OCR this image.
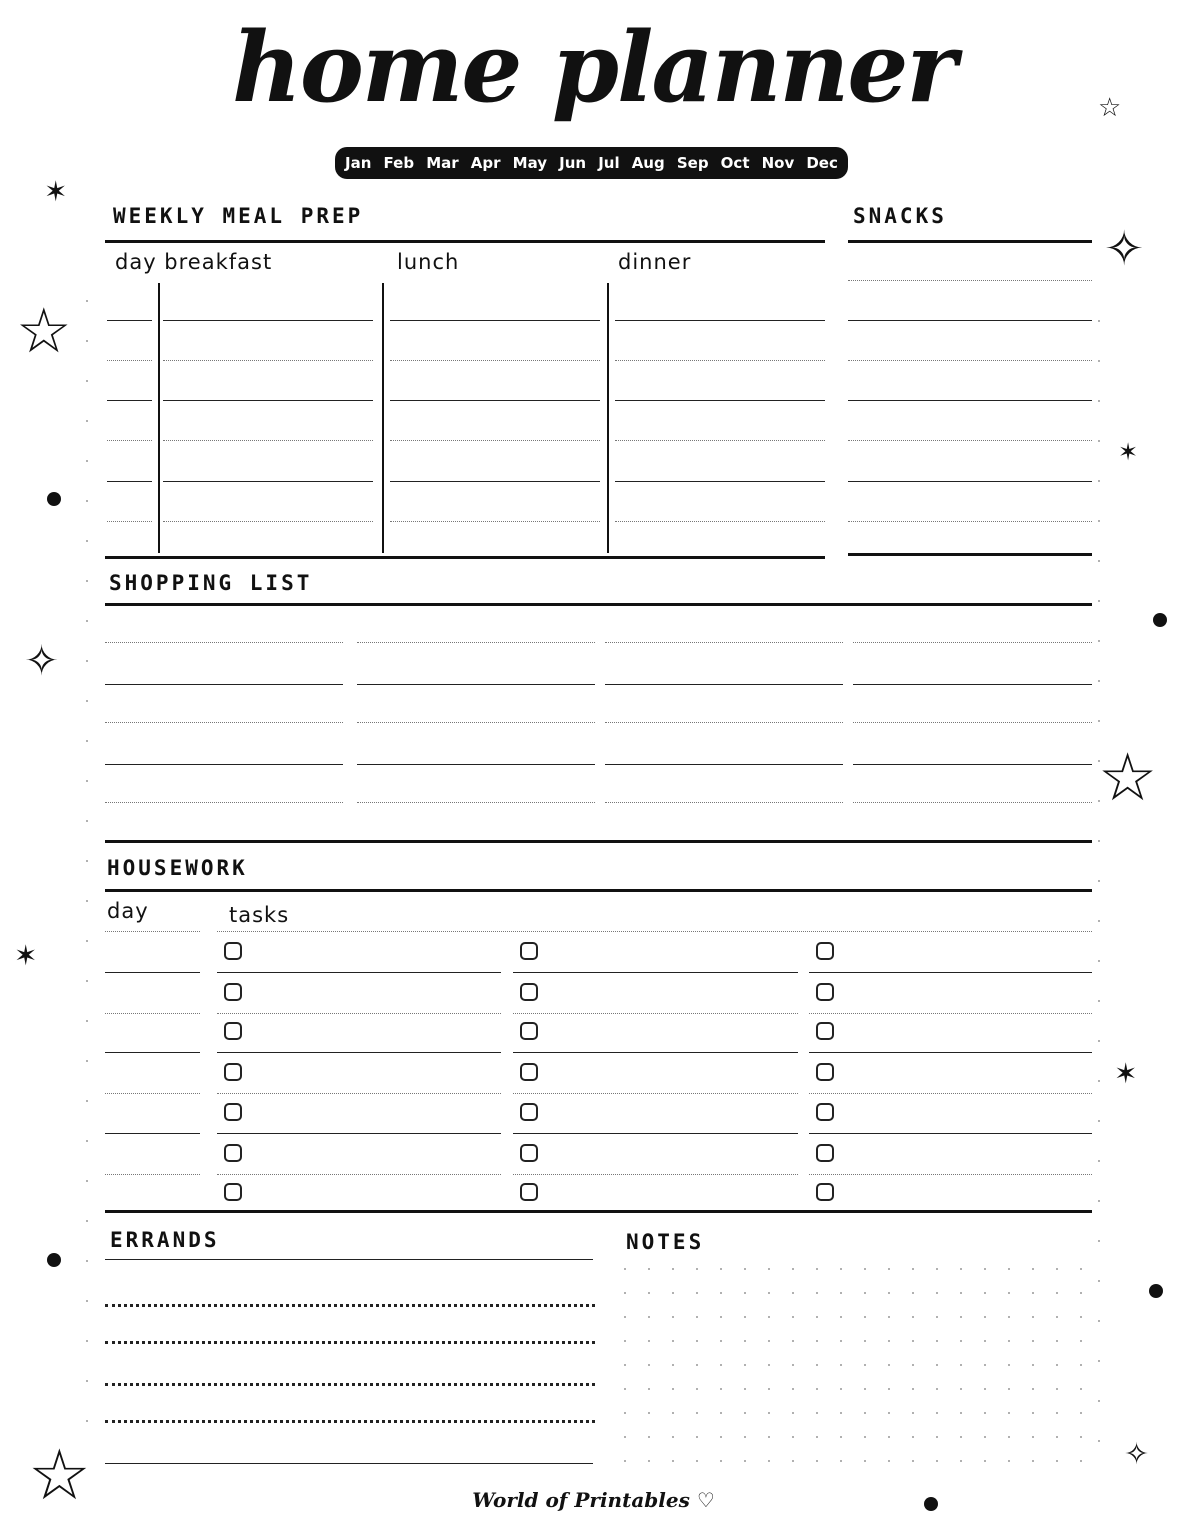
home planner
Jan Feb Mar Apr May Jun Jul Aug Sep Oct Nov Dec
WEEKLY MEAL PREP	SNACKS
day breakfast	lunch	dinner
SHOPPING LIST
HOUSEWORK
day	tasks
ERRANDS	NOTES
World of Printables ♡
☆
✶
☆
✧
✶
✧
☆
✶
✶
☆	✧
